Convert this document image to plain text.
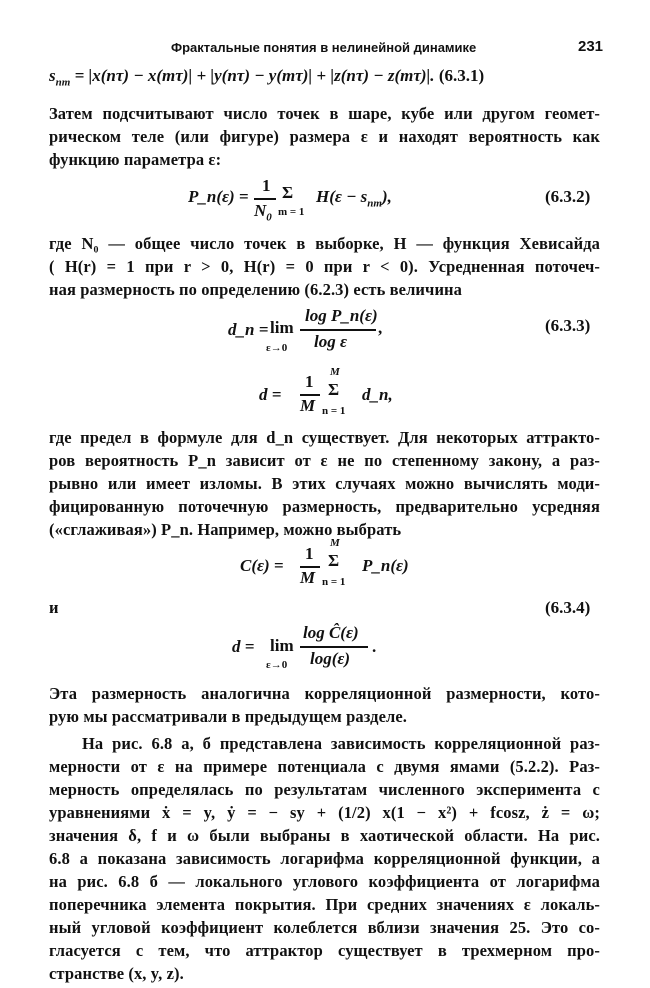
Фрактальные понятия в нелинейной динамике	231
$s_{nm} = |x(n\tau) - x(m\tau)| + |y(n\tau) - y(m\tau)| + |z(n\tau) - z(m\tau)|$. (6.3.1)
Затем подсчитывают число точек в шаре, кубе или другом геомет-
рическом теле (или фигуре) размера ε и находят вероятность как
функцию параметра ε:
P_n(ε) =
1
$N_0$
Σ
m = 1
$H(\varepsilon - s_{nm})$,	(6.3.2)
где N₀ — общее число точек в выборке, H — функция Хевисайда
( H(r) = 1 при r > 0, H(r) = 0 при r < 0). Усредненная поточеч-
ная размерность по определению (6.2.3) есть величина
d_n = lim
ε→0
log P_n(ε)
log ε
,	(6.3.3)
d =
1
M
M
Σ
n = 1
d_n,
где предел в формуле для d_n существует. Для некоторых аттракто-
ров вероятность P_n зависит от ε не по степенному закону, а раз-
рывно или имеет изломы. В этих случаях можно вычислять моди-
фицированную поточечную размерность, предварительно усредняя
(«сглаживая») P_n. Например, можно выбрать
C(ε) =
1
M
M
Σ
n = 1
P_n(ε)
и	(6.3.4)
d = lim
ε→0
log Ĉ(ε)
log(ε)
.
Эта размерность аналогична корреляционной размерности, кото-
рую мы рассматривали в предыдущем разделе.
На рис. 6.8 а, б представлена зависимость корреляционной раз-
мерности от ε на примере потенциала с двумя ямами (5.2.2). Раз-
мерность определялась по результатам численного эксперимента с
уравнениями ẋ = y, ẏ = − sy + (1/2) x(1 − x²) + fcosz, ż = ω;
значения δ, f и ω были выбраны в хаотической области. На рис.
6.8 а показана зависимость логарифма корреляционной функции, а
на рис. 6.8 б — локального углового коэффициента от логарифма
поперечника элемента покрытия. При средних значениях ε локаль-
ный угловой коэффициент колеблется вблизи значения 25. Это со-
гласуется с тем, что аттрактор существует в трехмерном про-
странстве (x, y, z).
